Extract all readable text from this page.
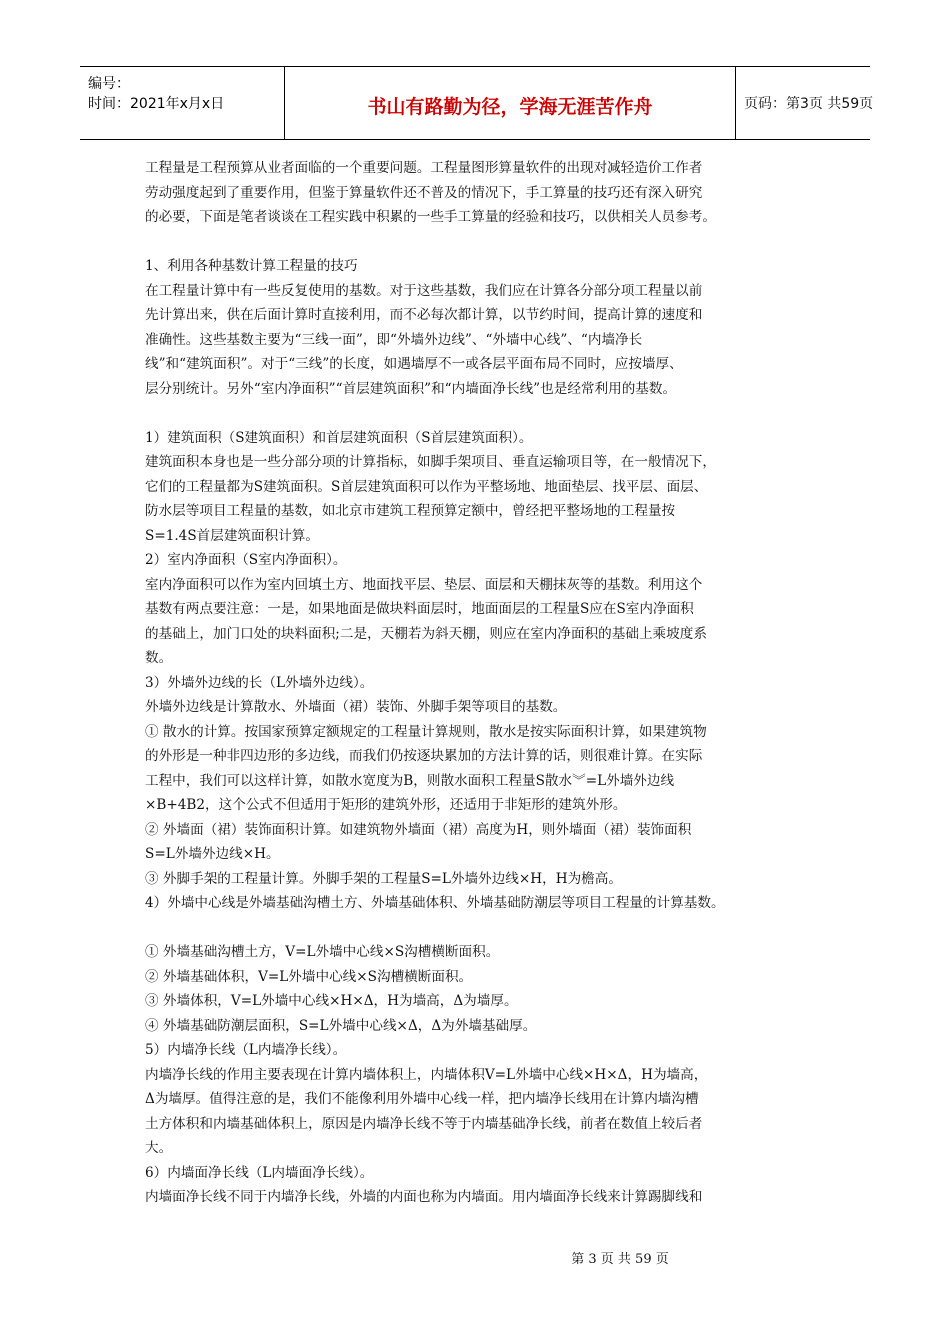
编号：
时间：2021年x月x日	书山有路勤为径，学海无涯苦作舟	页码：第3页 共59页
工程量是工程预算从业者面临的一个重要问题。工程量图形算量软件的出现对减轻造价工作者
劳动强度起到了重要作用，但鉴于算量软件还不普及的情况下，手工算量的技巧还有深入研究
的必要，下面是笔者谈谈在工程实践中积累的一些手工算量的经验和技巧，以供相关人员参考。
1、利用各种基数计算工程量的技巧
在工程量计算中有一些反复使用的基数。对于这些基数，我们应在计算各分部分项工程量以前
先计算出来，供在后面计算时直接利用，而不必每次都计算，以节约时间，提高计算的速度和
准确性。这些基数主要为“三线一面”，即“外墙外边线”、“外墙中心线”、“内墙净长
线”和“建筑面积”。对于“三线”的长度，如遇墙厚不一或各层平面布局不同时，应按墙厚、
层分别统计。另外“室内净面积”“首层建筑面积”和“内墙面净长线”也是经常利用的基数。
1）建筑面积（S建筑面积）和首层建筑面积（S首层建筑面积）。
建筑面积本身也是一些分部分项的计算指标，如脚手架项目、垂直运输项目等，在一般情况下，
它们的工程量都为S建筑面积。S首层建筑面积可以作为平整场地、地面垫层、找平层、面层、
防水层等项目工程量的基数，如北京市建筑工程预算定额中，曾经把平整场地的工程量按
S=1.4S首层建筑面积计算。
2）室内净面积（S室内净面积）。
室内净面积可以作为室内回填土方、地面找平层、垫层、面层和天棚抹灰等的基数。利用这个
基数有两点要注意：一是，如果地面是做块料面层时，地面面层的工程量S应在S室内净面积
的基础上，加门口处的块料面积;二是，天棚若为斜天棚，则应在室内净面积的基础上乘坡度系
数。
3）外墙外边线的长（L外墙外边线）。
外墙外边线是计算散水、外墙面（裙）装饰、外脚手架等项目的基数。
① 散水的计算。按国家预算定额规定的工程量计算规则，散水是按实际面积计算，如果建筑物
的外形是一种非四边形的多边线，而我们仍按逐块累加的方法计算的话，则很难计算。在实际
工程中，我们可以这样计算，如散水宽度为B，则散水面积工程量S散水︾=L外墙外边线
×B+4B2，这个公式不但适用于矩形的建筑外形，还适用于非矩形的建筑外形。
② 外墙面（裙）装饰面积计算。如建筑物外墙面（裙）高度为H，则外墙面（裙）装饰面积
S=L外墙外边线×H。
③ 外脚手架的工程量计算。外脚手架的工程量S=L外墙外边线×H，H为檐高。
4）外墙中心线是外墙基础沟槽土方、外墙基础体积、外墙基础防潮层等项目工程量的计算基数。
① 外墙基础沟槽土方，V=L外墙中心线×S沟槽横断面积。
② 外墙基础体积，V=L外墙中心线×S沟槽横断面积。
③ 外墙体积，V=L外墙中心线×H×Δ，H为墙高，Δ为墙厚。
④ 外墙基础防潮层面积，S=L外墙中心线×Δ，Δ为外墙基础厚。
5）内墙净长线（L内墙净长线）。
内墙净长线的作用主要表现在计算内墙体积上，内墙体积V=L外墙中心线×H×Δ，H为墙高，
Δ为墙厚。值得注意的是，我们不能像利用外墙中心线一样，把内墙净长线用在计算内墙沟槽
土方体积和内墙基础体积上，原因是内墙净长线不等于内墙基础净长线，前者在数值上较后者
大。
6）内墙面净长线（L内墙面净长线）。
内墙面净长线不同于内墙净长线，外墙的内面也称为内墙面。用内墙面净长线来计算踢脚线和
第 3 页 共 59 页
